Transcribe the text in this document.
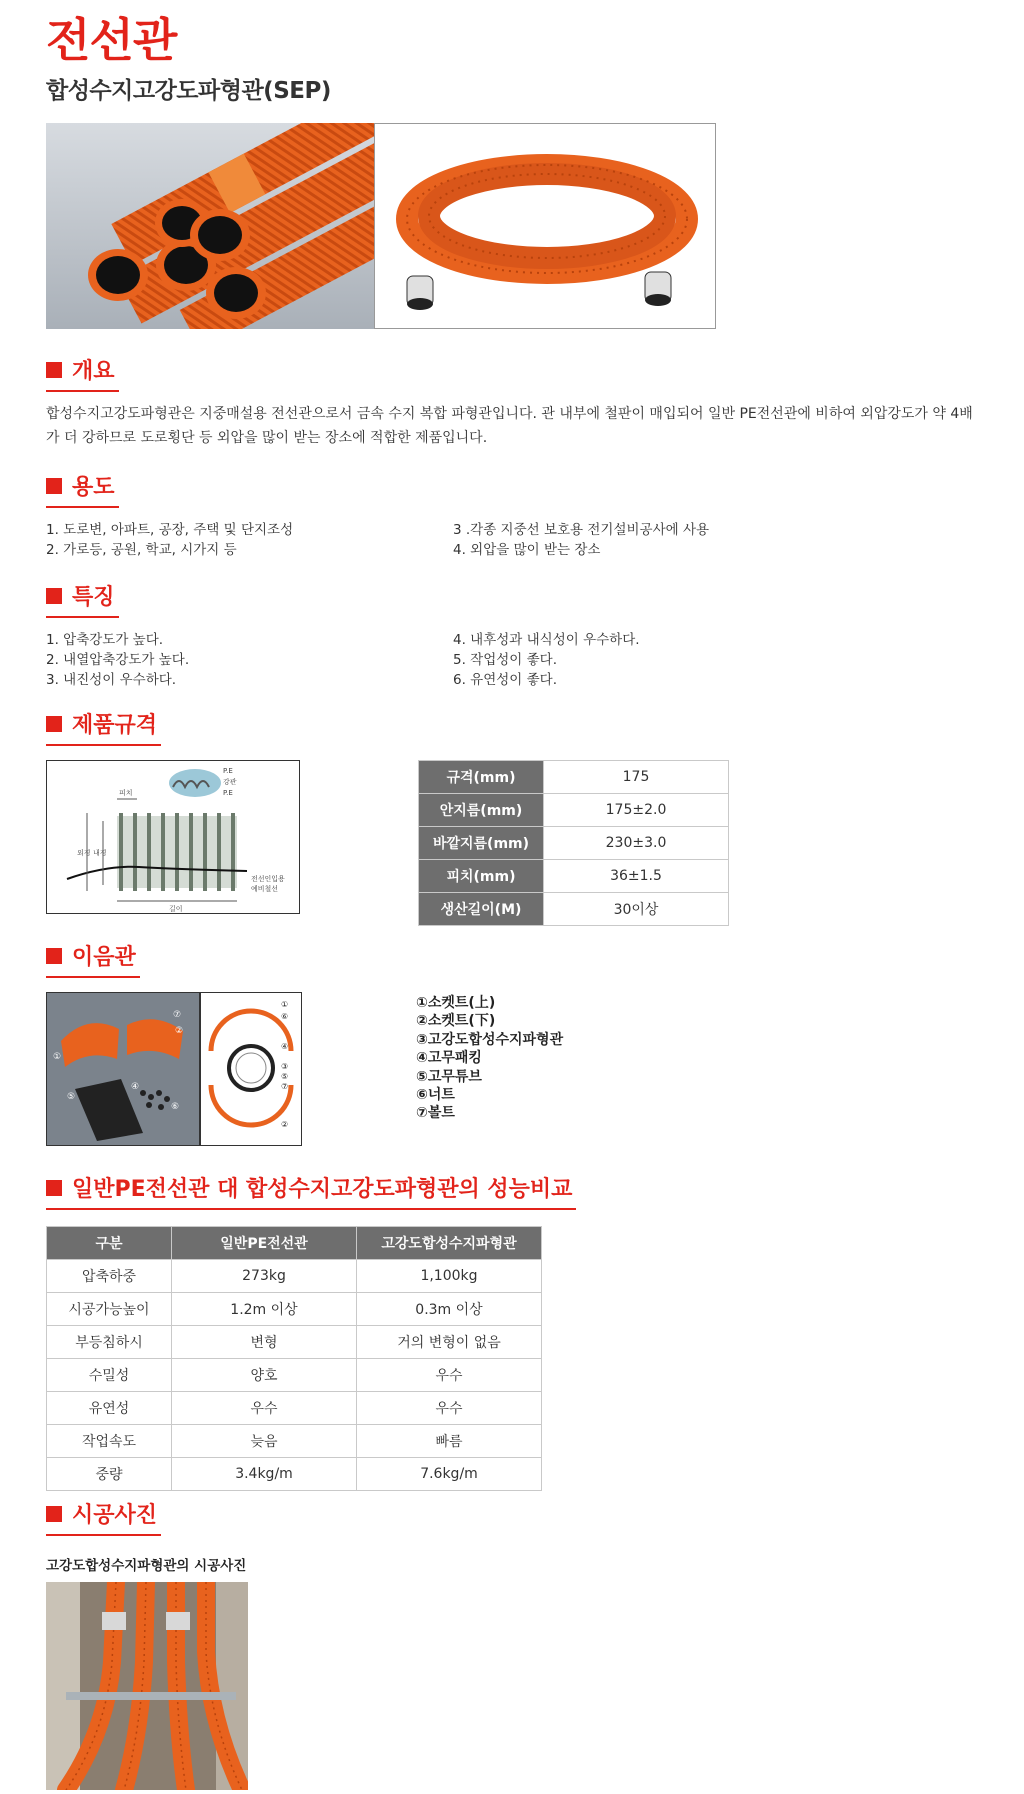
전선관
합성수지고강도파형관(SEP)
개요
합성수지고강도파형관은 지중매설용 전선관으로서 금속 수지 복합 파형관입니다. 관 내부에 철판이 매입되어 일반 PE전선관에 비하여 외압강도가 약 4배
가 더 강하므로 도로횡단 등 외압을 많이 받는 장소에 적합한 제품입니다.
용도
1. 도로변, 아파트, 공장, 주택 및 단지조성
2. 가로등, 공원, 학교, 시가지 등
3 .각종 지중선 보호용 전기설비공사에 사용
4. 외압을 많이 받는 장소
특징
1. 압축강도가 높다.
2. 내열압축강도가 높다.
3. 내진성이 우수하다.
4. 내후성과 내식성이 우수하다.
5. 작업성이 좋다.
6. 유연성이 좋다.
제품규격
P.E
강관
P.E
피치
외경 내경
길이
전선인입용
예비철선
규격(mm)	175
안지름(mm)	175±2.0
바깥지름(mm)	230±3.0
피치(mm)	36±1.5
생산길이(M)	30이상
이음관
①
⑦
②
⑤
④
⑥
①
⑥
④
③
⑤
⑦
②
①소켓트(上)
②소켓트(下)
③고강도합성수지파형관
④고무패킹
⑤고무튜브
⑥너트
⑦볼트
일반PE전선관 대 합성수지고강도파형관의 성능비교
구분	일반PE전선관	고강도합성수지파형관
압축하중	273kg	1,100kg
시공가능높이	1.2m 이상	0.3m 이상
부등침하시	변형	거의 변형이 없음
수밀성	양호	우수
유연성	우수	우수
작업속도	늦음	빠름
중량	3.4kg/m	7.6kg/m
시공사진
고강도합성수지파형관의 시공사진
